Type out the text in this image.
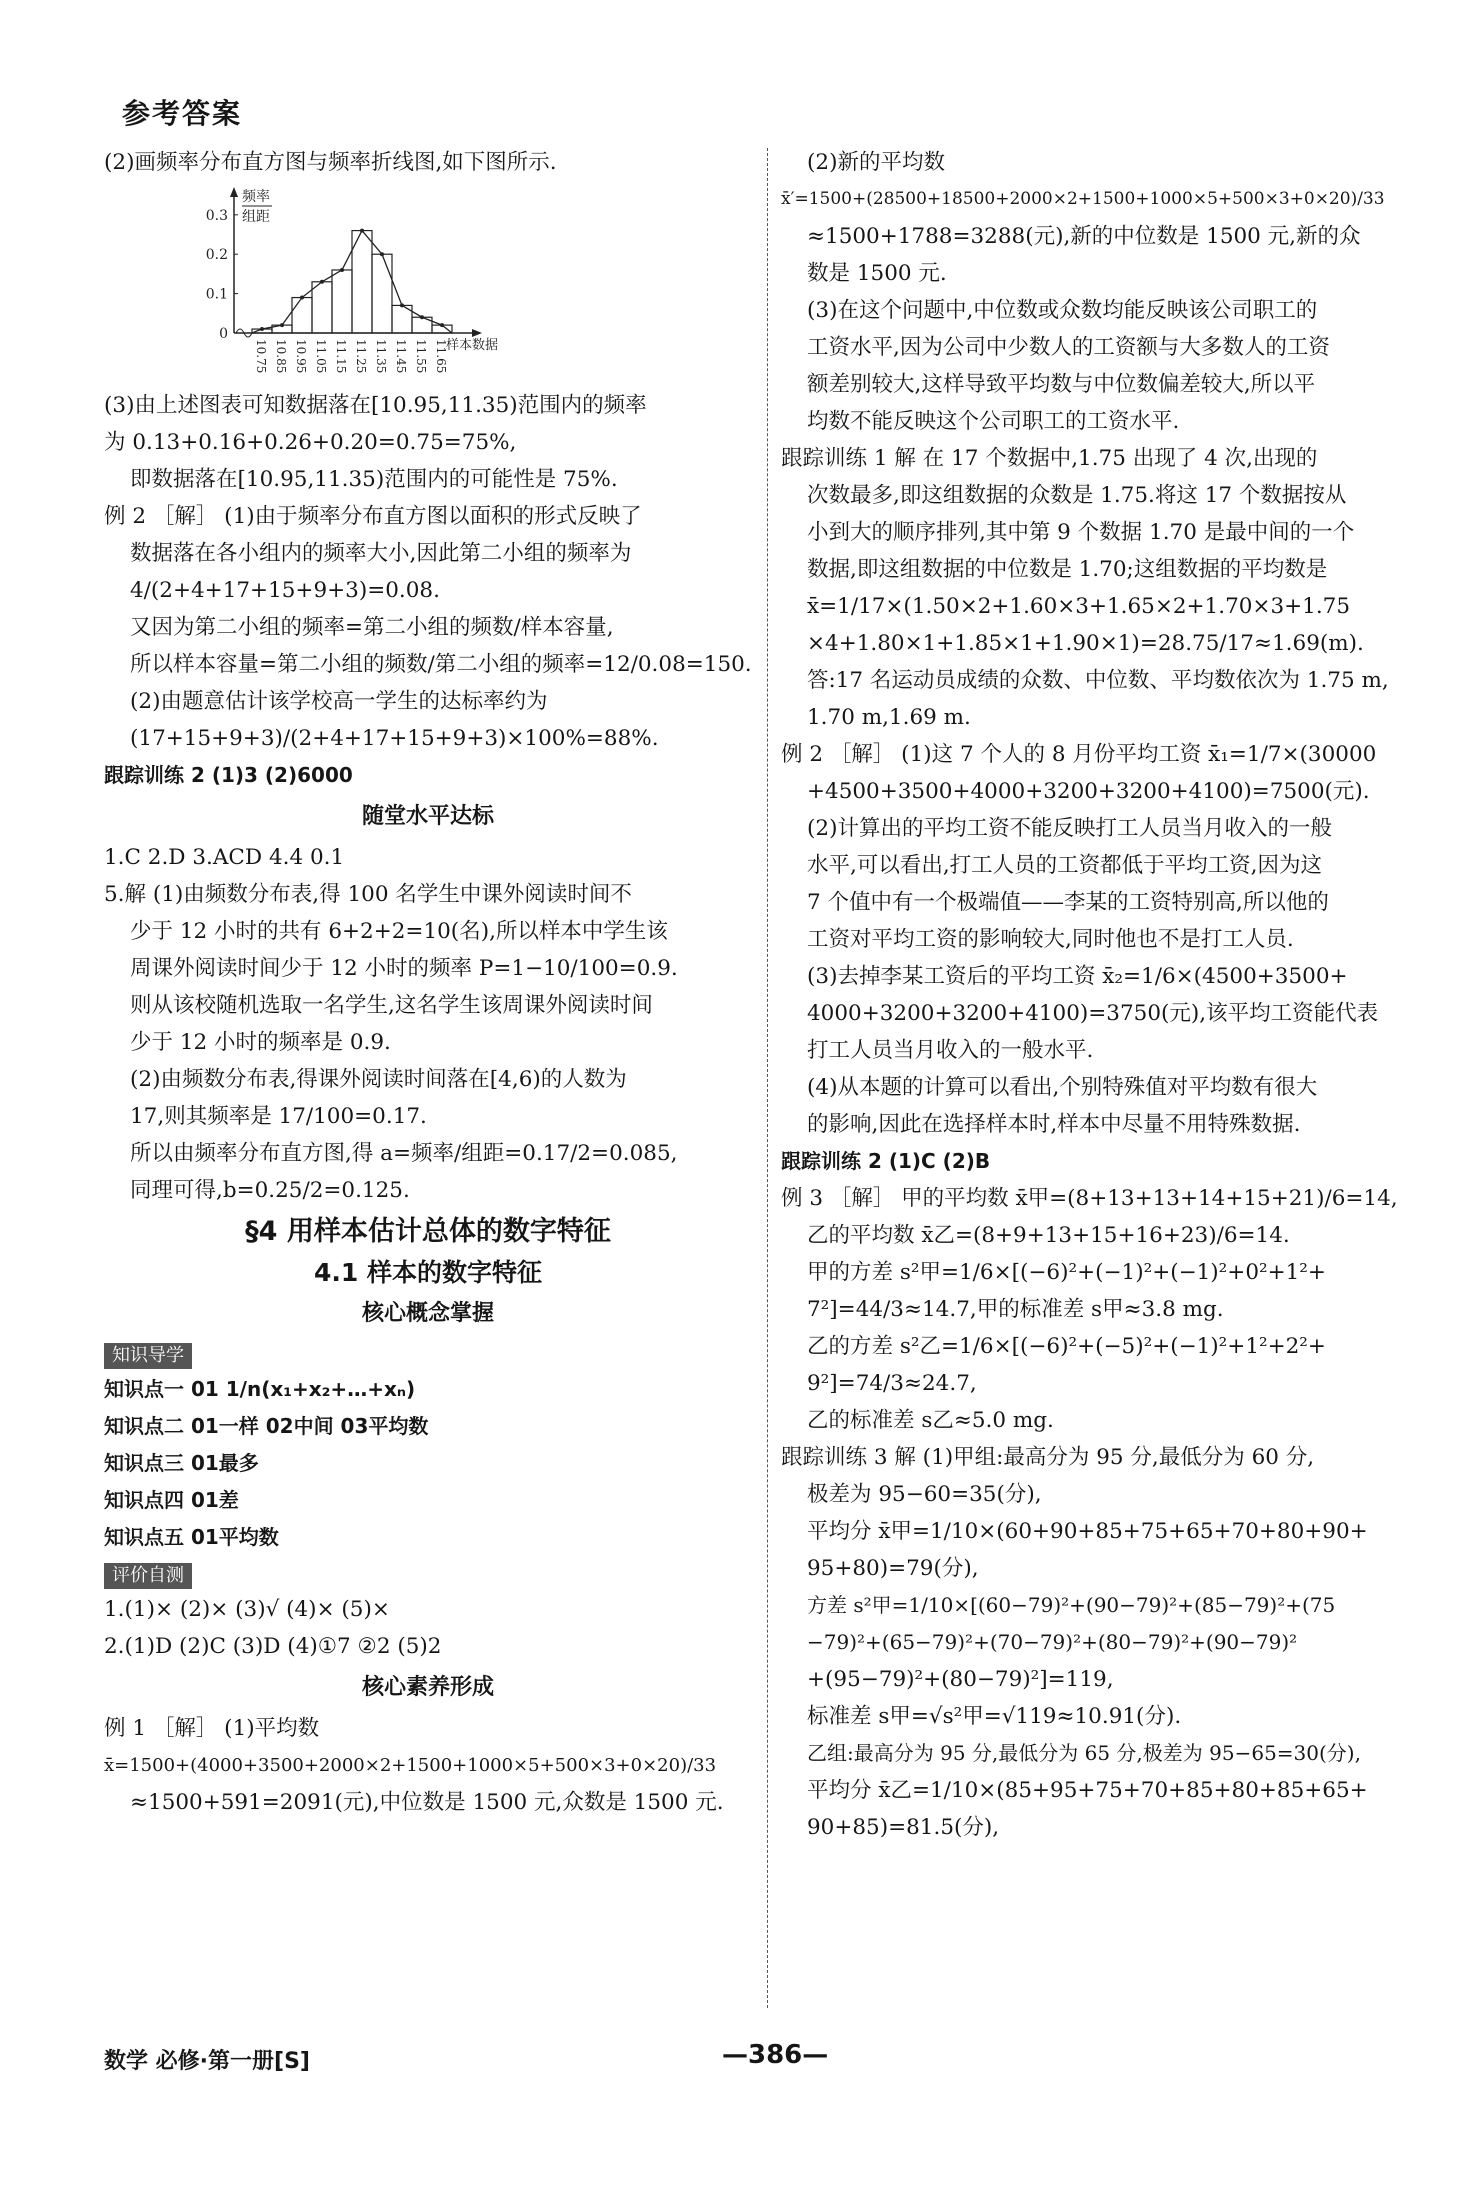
参考答案

(2)画频率分布直方图与频率折线图,如下图所示.

0
0.1
0.2
0.3
频率
组距
10.75 10.85 10.95 11.05 11.15 11.25 11.35 11.45 11.55 11.65
样本数据

(3)由上述图表可知数据落在[10.95,11.35)范围内的频率

为 0.13+0.16+0.26+0.20=0.75=75%,

即数据落在[10.95,11.35)范围内的可能性是 75%.

例 2 ［解］ (1)由于频率分布直方图以面积的形式反映了

数据落在各小组内的频率大小,因此第二小组的频率为

4/(2+4+17+15+9+3)=0.08.

又因为第二小组的频率=第二小组的频数/样本容量,

所以样本容量=第二小组的频数/第二小组的频率=12/0.08=150.

(2)由题意估计该学校高一学生的达标率约为

(17+15+9+3)/(2+4+17+15+9+3)×100%=88%.

跟踪训练 2 (1)3 (2)6000

随堂水平达标

1.C 2.D 3.ACD 4.4 0.1

5.解 (1)由频数分布表,得 100 名学生中课外阅读时间不

少于 12 小时的共有 6+2+2=10(名),所以样本中学生该

周课外阅读时间少于 12 小时的频率 P=1−10/100=0.9.

则从该校随机选取一名学生,这名学生该周课外阅读时间

少于 12 小时的频率是 0.9.

(2)由频数分布表,得课外阅读时间落在[4,6)的人数为

17,则其频率是 17/100=0.17.

所以由频率分布直方图,得 a=频率/组距=0.17/2=0.085,

同理可得,b=0.25/2=0.125.

§4 用样本估计总体的数字特征
4.1 样本的数字特征
核心概念掌握
知识导学

知识点一 01 1/n(x₁+x₂+…+xₙ)

知识点二 01一样 02中间 03平均数

知识点三 01最多

知识点四 01差

知识点五 01平均数

评价自测

1.(1)× (2)× (3)√ (4)× (5)×

2.(1)D (2)C (3)D (4)①7 ②2 (5)2

核心素养形成

例 1 ［解］ (1)平均数

x̄=1500+(4000+3500+2000×2+1500+1000×5+500×3+0×20)/33

≈1500+591=2091(元),中位数是 1500 元,众数是 1500 元.

(2)新的平均数

x̄′=1500+(28500+18500+2000×2+1500+1000×5+500×3+0×20)/33

≈1500+1788=3288(元),新的中位数是 1500 元,新的众

数是 1500 元.

(3)在这个问题中,中位数或众数均能反映该公司职工的

工资水平,因为公司中少数人的工资额与大多数人的工资

额差别较大,这样导致平均数与中位数偏差较大,所以平

均数不能反映这个公司职工的工资水平.

跟踪训练 1 解 在 17 个数据中,1.75 出现了 4 次,出现的

次数最多,即这组数据的众数是 1.75.将这 17 个数据按从

小到大的顺序排列,其中第 9 个数据 1.70 是最中间的一个

数据,即这组数据的中位数是 1.70;这组数据的平均数是

x̄=1/17×(1.50×2+1.60×3+1.65×2+1.70×3+1.75

×4+1.80×1+1.85×1+1.90×1)=28.75/17≈1.69(m).

答:17 名运动员成绩的众数、中位数、平均数依次为 1.75 m,

1.70 m,1.69 m.

例 2 ［解］ (1)这 7 个人的 8 月份平均工资 x̄₁=1/7×(30000

+4500+3500+4000+3200+3200+4100)=7500(元).

(2)计算出的平均工资不能反映打工人员当月收入的一般

水平,可以看出,打工人员的工资都低于平均工资,因为这

7 个值中有一个极端值——李某的工资特别高,所以他的

工资对平均工资的影响较大,同时他也不是打工人员.

(3)去掉李某工资后的平均工资 x̄₂=1/6×(4500+3500+

4000+3200+3200+4100)=3750(元),该平均工资能代表

打工人员当月收入的一般水平.

(4)从本题的计算可以看出,个别特殊值对平均数有很大

的影响,因此在选择样本时,样本中尽量不用特殊数据.

跟踪训练 2 (1)C (2)B

例 3 ［解］ 甲的平均数 x̄甲=(8+13+13+14+15+21)/6=14,

乙的平均数 x̄乙=(8+9+13+15+16+23)/6=14.

甲的方差 s²甲=1/6×[(−6)²+(−1)²+(−1)²+0²+1²+

7²]=44/3≈14.7,甲的标准差 s甲≈3.8 mg.

乙的方差 s²乙=1/6×[(−6)²+(−5)²+(−1)²+1²+2²+

9²]=74/3≈24.7,

乙的标准差 s乙≈5.0 mg.

跟踪训练 3 解 (1)甲组:最高分为 95 分,最低分为 60 分,

极差为 95−60=35(分),

平均分 x̄甲=1/10×(60+90+85+75+65+70+80+90+

95+80)=79(分),

方差 s²甲=1/10×[(60−79)²+(90−79)²+(85−79)²+(75

−79)²+(65−79)²+(70−79)²+(80−79)²+(90−79)²

+(95−79)²+(80−79)²]=119,

标准差 s甲=√s²甲=√119≈10.91(分).

乙组:最高分为 95 分,最低分为 65 分,极差为 95−65=30(分),

平均分 x̄乙=1/10×(85+95+75+70+85+80+85+65+

90+85)=81.5(分),

数学 必修·第一册[S]	—386—
